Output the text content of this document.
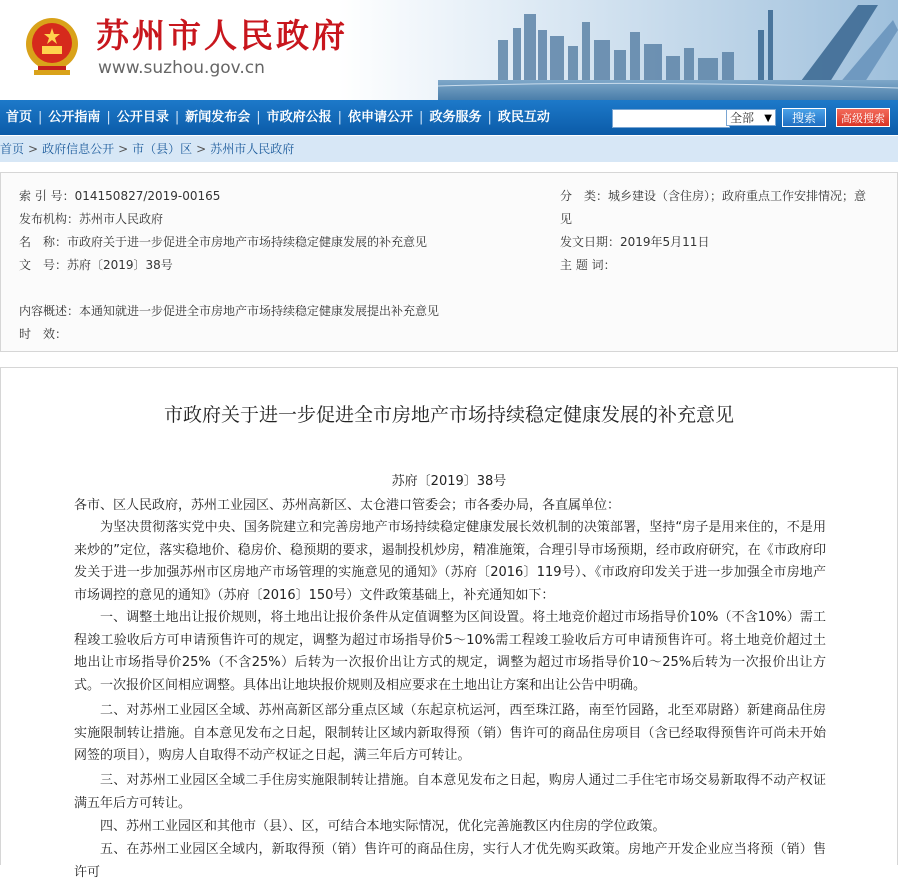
苏州市人民政府
www.suzhou.gov.cn
首页 | 公开指南 | 公开目录 | 新闻发布会 | 市政府公报 | 依申请公开 | 政务服务 | 政民互动	全部 ▼	搜索	高级搜索
首页 > 政府信息公开 > 市（县）区 > 苏州市人民政府
索 引 号：014150827/2019-00165
发布机构：苏州市人民政府
名　称：市政府关于进一步促进全市房地产市场持续稳定健康发展的补充意见
文　号：苏府〔2019〕38号
分　类：城乡建设（含住房）；政府重点工作安排情况；意
见
发文日期：2019年5月11日
主 题 词：
内容概述：本通知就进一步促进全市房地产市场持续稳定健康发展提出补充意见
时　效：
市政府关于进一步促进全市房地产市场持续稳定健康发展的补充意见
苏府〔2019〕38号
各市、区人民政府，苏州工业园区、苏州高新区、太仓港口管委会；市各委办局，各直属单位：
为坚决贯彻落实党中央、国务院建立和完善房地产市场持续稳定健康发展长效机制的决策部署，坚持“房子是用来住的，不是用来炒的”定位，落实稳地价、稳房价、稳预期的要求，遏制投机炒房，精准施策，合理引导市场预期，经市政府研究，在《市政府印发关于进一步加强苏州市区房地产市场管理的实施意见的通知》（苏府〔2016〕119号）、《市政府印发关于进一步加强全市房地产市场调控的意见的通知》（苏府〔2016〕150号）文件政策基础上，补充通知如下：
一、调整土地出让报价规则，将土地出让报价条件从定值调整为区间设置。将土地竞价超过市场指导价10%（不含10%）需工程竣工验收后方可申请预售许可的规定，调整为超过市场指导价5～10%需工程竣工验收后方可申请预售许可。将土地竞价超过土地出让市场指导价25%（不含25%）后转为一次报价出让方式的规定，调整为超过市场指导价10～25%后转为一次报价出让方式。一次报价区间相应调整。具体出让地块报价规则及相应要求在土地出让方案和出让公告中明确。
二、对苏州工业园区全域、苏州高新区部分重点区域（东起京杭运河，西至珠江路，南至竹园路，北至邓尉路）新建商品住房实施限制转让措施。自本意见发布之日起，限制转让区域内新取得预（销）售许可的商品住房项目（含已经取得预售许可尚未开始网签的项目），购房人自取得不动产权证之日起，满三年后方可转让。
三、对苏州工业园区全域二手住房实施限制转让措施。自本意见发布之日起，购房人通过二手住宅市场交易新取得不动产权证满五年后方可转让。
四、苏州工业园区和其他市（县）、区，可结合本地实际情况，优化完善施教区内住房的学位政策。
五、在苏州工业园区全域内，新取得预（销）售许可的商品住房，实行人才优先购买政策。房地产开发企业应当将预（销）售许可
